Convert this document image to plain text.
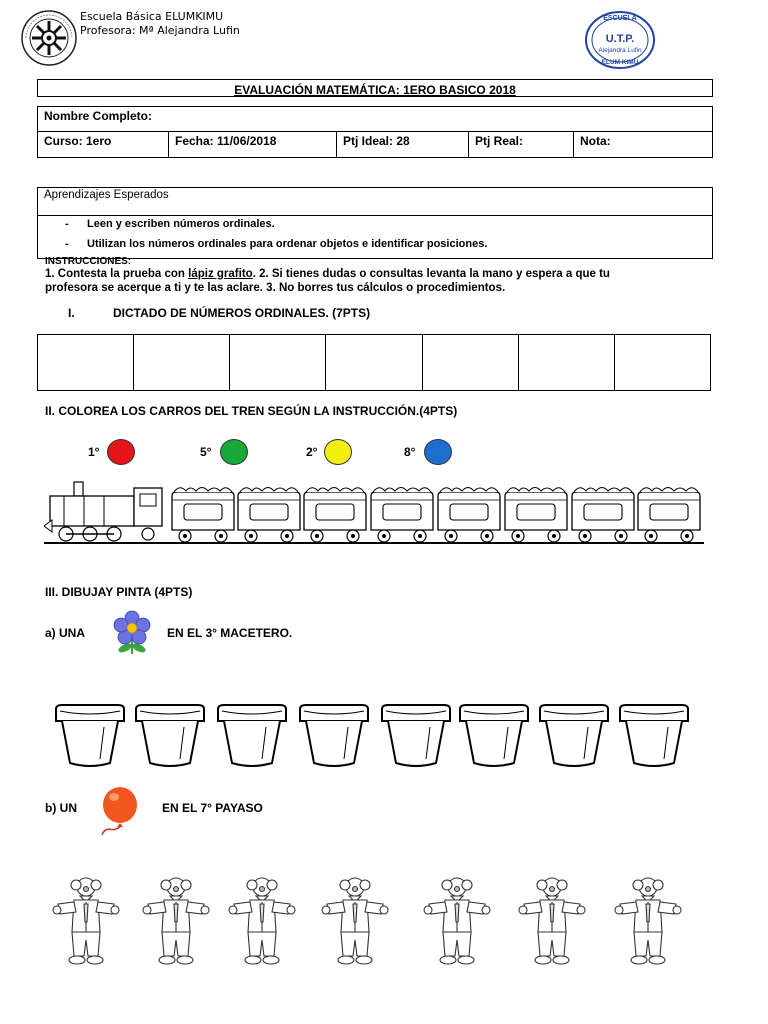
Escuela Básica ELUMKIMU
Profesora: Mª Alejandra Lufin
ESCUELA
U.T.P.
Alejandra Lufin
ELUM KIMU
EVALUACIÓN MATEMÁTICA: 1ERO BASICO 2018
Nombre Completo:
Curso: 1ero	Fecha: 11/06/2018	Ptj Ideal: 28	Ptj Real:	Nota:
Aprendizajes Esperados
-      Leen y escriben números ordinales.
-      Utilizan los números ordinales para ordenar objetos e identificar posiciones.
INSTRUCCIONES:
1. Contesta la prueba con lápiz grafito. 2. Si tienes dudas o consultas levanta la mano y espera a que tu
profesora se acerque a ti y te las aclare. 3. No borres tus cálculos o procedimientos.
I.	DICTADO DE NÚMEROS ORDINALES. (7PTS)

II. COLOREA LOS CARROS DEL TREN SEGÚN LA INSTRUCCIÓN.(4PTS)
1°	5°	2°	8°
III. DIBUJAY PINTA (4PTS)
a) UNA	EN EL 3° MACETERO.
b) UN	EN EL 7° PAYASO
